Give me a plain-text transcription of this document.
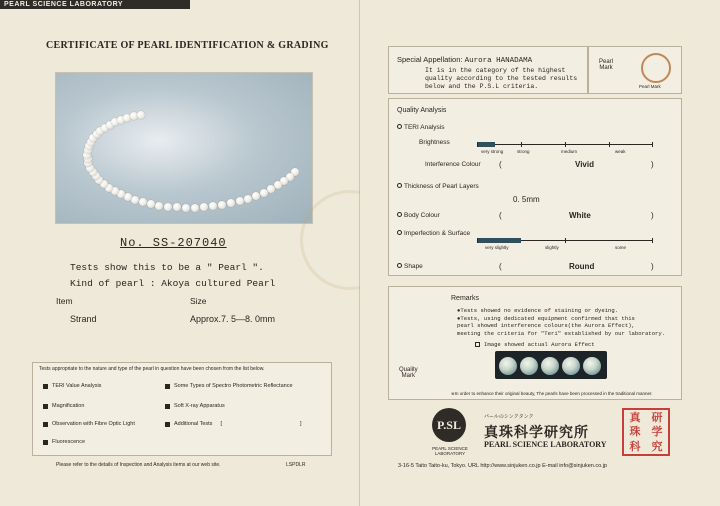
PEARL SCIENCE LABORATORY
CERTIFICATE OF PEARL IDENTIFICATION & GRADING
No. SS-207040
Tests show this to be a " Pearl ".
Kind of pearl : Akoya cultured Pearl
Item	Size
Strand	Approx.7. 5—8. 0mm
Tests appropriate to the nature and type of the pearl in question have been chosen from the list below.
TERI Value Analysis	Some Types of Spectro Photometric Reflectance
Magnification	Soft X-ray Apparatus
Observation with Fibre Optic Light	Additional Tests [	]
Fluorescence
Please refer to the details of Inspection and Analysis items at our web site.	LSPDLR
Special Appellation: Aurora HANADAMA
It is in the category of the highest quality according to the tested results below and the P.S.L criteria.
Pearl
Mark
Pearl Mark
Quality Analysis
TERI Analysis
Brightness
very strong	strong	medium	weak
Interference Colour (	Vivid	)
Thickness of Pearl Layers
0. 5mm
Body Colour	(	White	)
Imperfection & Surface
very slightly	slightly	some
Shape	(	Round	)
Remarks
●Tests showed no evidence of staining or dyeing.
●Tests, using dedicated equipment confirmed that this
pearl showed interference colours(the Aurora Effect),
meeting the criteria for "Teri" established by our laboratory.
Image showed actual Aurora Effect
Quality
Mark
※In order to enhance their original beauty, The pearls have been processed in the traditional manner.
P.SL
PEARL SCIENCE LABORATORY
パールのシンクタンク
真珠科学研究所
PEARL SCIENCE LABORATORY
真 研
珠 学
科 究
3-16-5 Taito Taito-ku, Tokyo. URL http://www.sinjuken.co.jp E-mail info@sinjuken.co.jp
